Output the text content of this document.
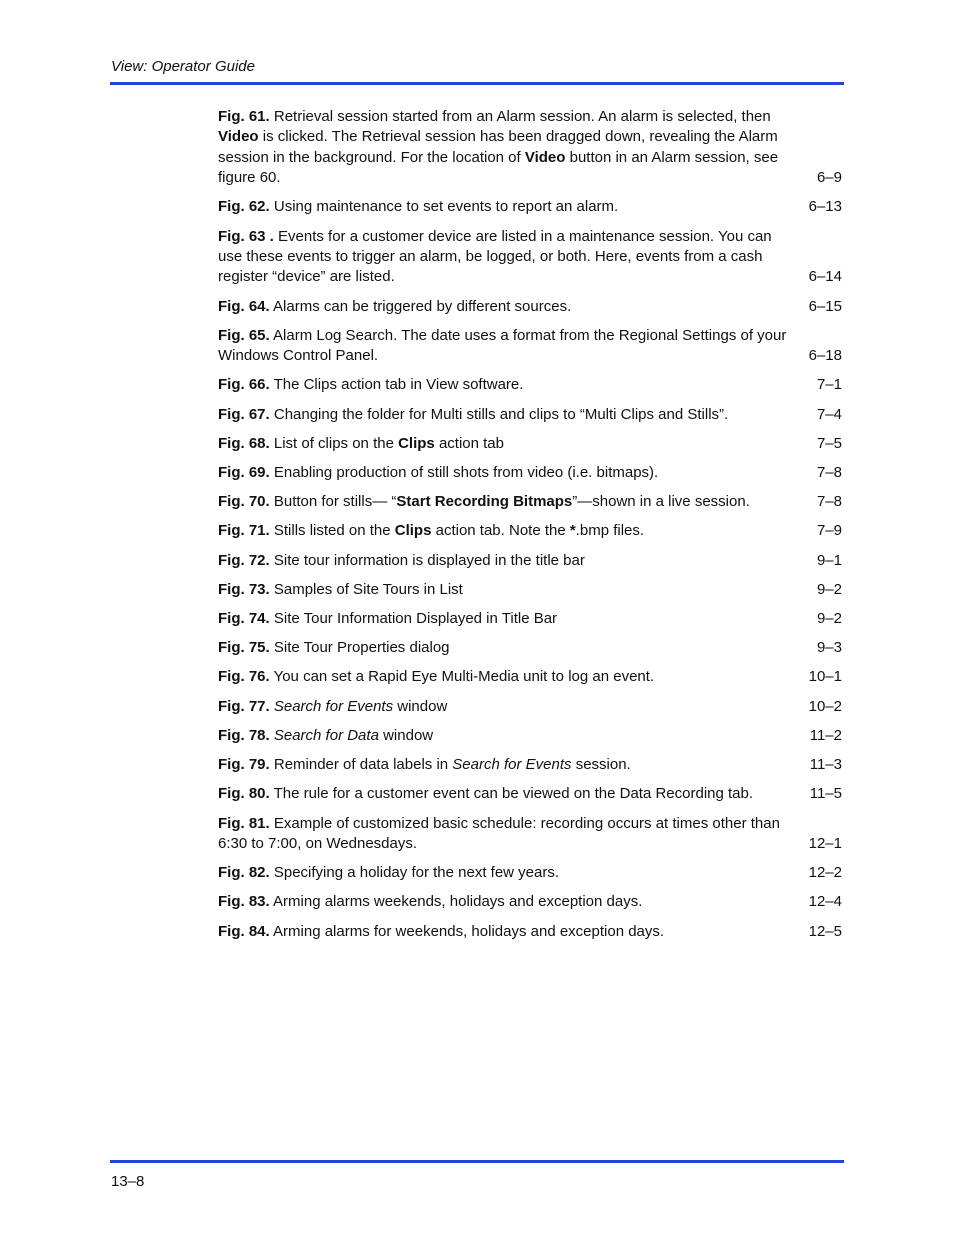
View: Operator Guide
Fig. 61. Retrieval session started from an Alarm session. An alarm is selected, then Video is clicked. The Retrieval session has been dragged down, revealing the Alarm session in the background. For the location of Video button in an Alarm session, see figure 60.	6–9
Fig. 62. Using maintenance to set events to report an alarm.	6–13
Fig. 63 . Events for a customer device are listed in a maintenance session. You can use these events to trigger an alarm, be logged, or both. Here, events from a cash register “device” are listed.	6–14
Fig. 64. Alarms can be triggered by different sources.	6–15
Fig. 65. Alarm Log Search. The date uses a format from the Regional Settings of your Windows Control Panel.	6–18
Fig. 66. The Clips action tab in View software.	7–1
Fig. 67. Changing the folder for Multi stills and clips to “Multi Clips and Stills”.	7–4
Fig. 68. List of clips on the Clips action tab	7–5
Fig. 69. Enabling production of still shots from video (i.e. bitmaps).	7–8
Fig. 70. Button for stills— “Start Recording Bitmaps”—shown in a live session.	7–8
Fig. 71. Stills listed on the Clips action tab. Note the *.bmp files.	7–9
Fig. 72. Site tour information is displayed in the title bar	9–1
Fig. 73. Samples of Site Tours in List	9–2
Fig. 74. Site Tour Information Displayed in Title Bar	9–2
Fig. 75. Site Tour Properties dialog	9–3
Fig. 76. You can set a Rapid Eye Multi-Media unit to log an event.	10–1
Fig. 77. Search for Events window	10–2
Fig. 78. Search for Data window	11–2
Fig. 79. Reminder of data labels in Search for Events session.	11–3
Fig. 80. The rule for a customer event can be viewed on the Data Recording tab.	11–5
Fig. 81. Example of customized basic schedule: recording occurs at times other than 6:30 to 7:00, on Wednesdays.	12–1
Fig. 82. Specifying a holiday for the next few years.	12–2
Fig. 83. Arming alarms weekends, holidays and exception days.	12–4
Fig. 84. Arming alarms for weekends, holidays and exception days.	12–5
13–8
